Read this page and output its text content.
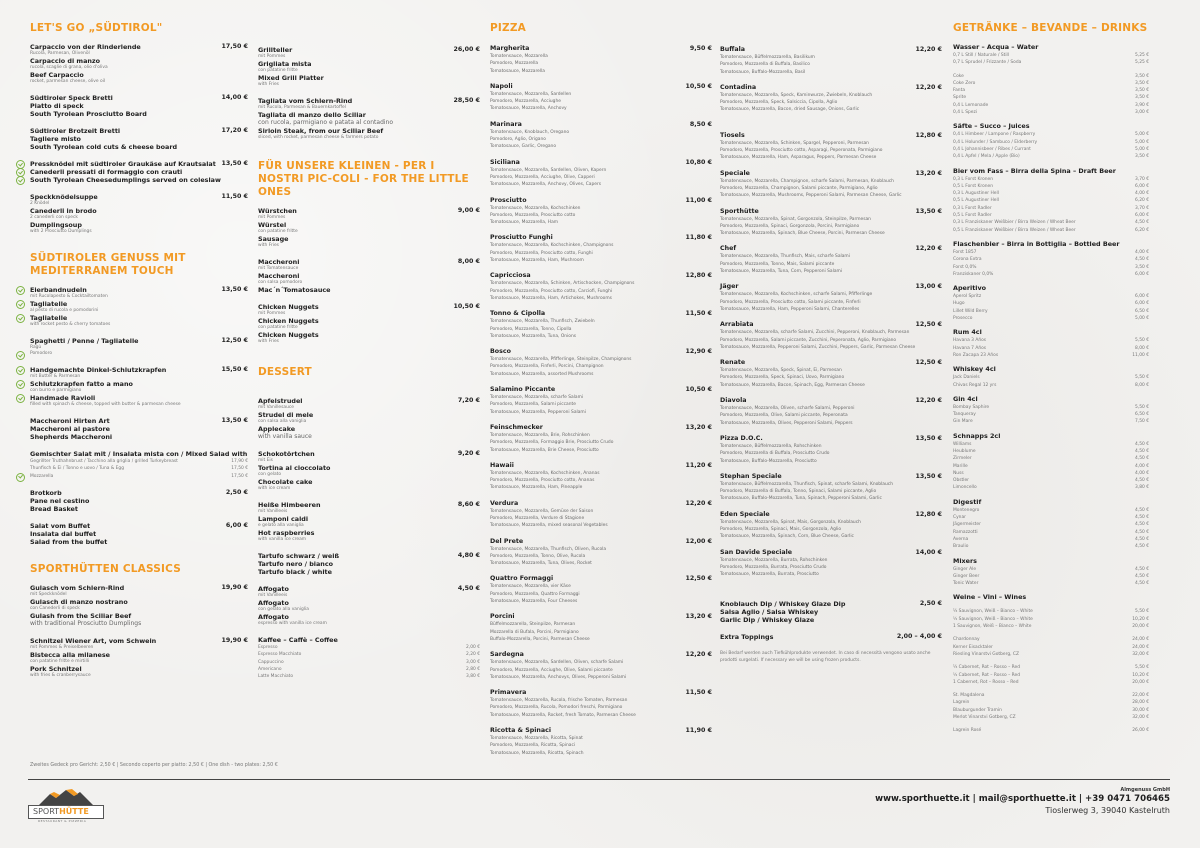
LET'S GO „SÜDTIROL"
17,50 €
Carpaccio von der Rinderlende
Rucola, Parmesan, Olivenöl
Carpaccio di manzo
rucola, scaglie di grana, olio d'oliva
Beef Carpaccio
rocket, parmesan cheese, olive oil
14,00 €
Südtiroler Speck Bretti
Piatto di speck
South Tyrolean Prosciutto Board
17,20 €
Südtiroler Brotzeit Bretti
Tagliere misto
South Tyrolean cold cuts & cheese board
13,50 €
Pressknödel mit südtiroler Graukäse auf Krautsalat
Canederli pressati di formaggio con crauti
South Tyrolean Cheesedumplings served on coleslaw
11,50 €
Speckknödelsuppe
2 Knödel
Canederli in brodo
2 canederli con speck
Dumplingsoup
with 2 Prosciutto Dumplings
SÜDTIROLER GENUSS MIT MEDITERRANEM TOUCH
13,50 €
Eierbandnudeln
mit Rucolapesto & Cocktailtomaten
Tagliatelle
al pesto di rucola e pomodorini
Tagliatelle
with rocket pesto & cherry tomatoes
12,50 €
Spaghetti / Penne / Tagliatelle
Ragù
Pomodoro
15,50 €
Handgemachte Dinkel-Schlutzkrapfen
mit Butter & Parmesan
Schlutzkrapfen fatto a mano
con burro e parmigiano
Handmade Ravioli
filled with spinach & cheese, topped with butter & parmesan cheese
13,50 €
Maccheroni Hirten Art
Maccheroni al pastore
Shepherds Maccheroni
Gemischter Salat mit / Insalata mista con / Mixed Salad with
Gegrillter Truthahnbrust / Tacchino alla griglia / grilled Turkeybreast	17,90 €
Thunfisch & Ei / Tonno e uovo / Tuna & Egg	17,50 €
Mozzarella	17,50 €
2,50 €
Brotkorb
Pane nel cestino
Bread Basket
6,00 €
Salat vom Buffet
Insalata dal buffet
Salad from the buffet
SPORTHÜTTEN CLASSICS
19,90 €
Gulasch vom Schlern-Rind
mit Speckknödel
Gulasch di manzo nostrano
con Canederli di speck
Gulash from the Sciliar Beef
with traditional Prosciutto Dumplings
19,90 €
Schnitzel Wiener Art, vom Schwein
mit Pommes & Preiselbeeren
Bistecca alla milanese
con patatine fritte e mirtilli
Pork Schnitzel
with fries & cranberrysauce
26,00 €
Grillteller
mit Pommes
Grigliata mista
con patatine fritte
Mixed Grill Platter
with Fries
28,50 €
Tagliata vom Schlern-Rind
mit Rucola, Parmesan & Bauernkartoffel
Tagliata di manzo dello Sciliar
con rucola, parmigiano e patata al contadino
Sirloin Steak, from our Sciliar Beef
sliced, with rocket, parmesan cheese & farmers potato
FÜR UNSERE KLEINEN - PER I NOSTRI PIC-COLI - FOR THE LITTLE ONES
9,00 €
Würstchen
mit Pommes
Würstel
con patatine fritte
Sausage
with Fries
8,00 €
Maccheroni
mit Tomatensauce
Maccheroni
con salsa pomodoro
Mac´n´Tomatosauce
10,50 €
Chicken Nuggets
mit Pommes
Chicken Nuggets
con patatine fritte
Chicken Nuggets
with Fries
DESSERT
7,20 €
Apfelstrudel
mit Vanillesauce
Strudel di mele
con salsa alla vaniglia
Applecake
with vanilla sauce
9,20 €
Schokotörtchen
mit Eis
Tortina al cioccolato
con gelato
Chocolate cake
with ice cream
8,60 €
Heiße Himbeeren
mit Vanilleeis
Lamponi caldi
e gelato alla vaniglia
Hot raspberries
with vanilla ice cream
4,80 €
Tartufo schwarz / weiß
Tartufo nero / bianco
Tartufo black / white
4,50 €
Affogato
mit Vanilleeis
Affogato
con gelato alla vaniglia
Affogato
espresso with vanilla ice cream
Kaffee – Caffè – Coffee
Espresso	2,00 €
Espresso Macchiato	2,20 €
Cappuccino	3,00 €
Americano	2,80 €
Latte Macchiato	3,80 €
PIZZA
9,50 €
Margherita
Tomatensauce, Mozzarella
Pomodoro, Mozzarella
Tomatosauce, Mozzarella
10,50 €
Napoli
Tomatensauce, Mozzarella, Sardellen
Pomodoro, Mozzarella, Acciughe
Tomatosauce, Mozzarella, Anchovy
8,50 €
Marinara
Tomatensauce, Knoblauch, Oregano
Pomodoro, Aglio, Origano
Tomatosauce, Garlic, Oregano
10,80 €
Siciliana
Tomatensauce, Mozzarella, Sardellen, Oliven, Kapern
Pomodoro, Mozzarella, Acciughe, Olive, Capperi
Tomatosauce, Mozzarella, Anchovy, Olives, Capers
11,00 €
Prosciutto
Tomatensauce, Mozzarella, Kochschinken
Pomodoro, Mozzarella, Prosciutto cotto
Tomatosauce, Mozzarella, Ham
11,80 €
Prosciutto Funghi
Tomatensauce, Mozzarella, Kochschinken, Champignons
Pomodoro, Mozzarella, Prosciutto cotto, Funghi
Tomatosauce, Mozzarella, Ham, Mushroom
12,80 €
Capricciosa
Tomatensauce, Mozzarella, Schinken, Artischocken, Champignons
Pomodoro, Mozzarella, Prosciutto cotto, Carciofi, Funghi
Tomatosauce, Mozzarella, Ham, Artichokes, Mushrooms
11,50 €
Tonno & Cipolla
Tomatensauce, Mozzarella, Thunfisch, Zwiebeln
Pomodoro, Mozzarella, Tonno, Cipolla
Tomatosauce, Mozzarella, Tuna, Onions
12,90 €
Bosco
Tomatensauce, Mozzarella, Pfifferlinge, Steinpilze, Champignons
Pomodoro, Mozzarella, Finferli, Porcini, Champignon
Tomatosauce, Mozzarella, assorted Mushrooms
10,50 €
Salamino Piccante
Tomatensauce, Mozzarella, scharfe Salami
Pomodoro, Mozzarella, Salami piccante
Tomatosauce, Mozzarella, Pepperoni Salami
13,20 €
Feinschmecker
Tomatensauce, Mozzarella, Brie, Rohschinken
Pomodoro, Mozzarella, Formaggio Brie, Prosciutto Crudo
Tomatosauce, Mozzarella, Brie Cheese, Prosciutto
11,20 €
Hawaii
Tomatensauce, Mozzarella, Kochschinken, Ananas
Pomodoro, Mozzarella, Prosciutto cotto, Ananas
Tomatosauce, Mozzarella, Ham, Pineapple
12,20 €
Verdura
Tomatensauce, Mozzarella, Gemüse der Saison
Pomodoro, Mozzarella, Verdure di Stagione
Tomatosauce, Mozzarella, mixed seasonal Vegetables
12,00 €
Del Prete
Tomatensauce, Mozzarella, Thunfisch, Oliven, Rucola
Pomodoro, Mozzarella, Tonno, Olive, Rucola
Tomatosauce, Mozzarella, Tuna, Olives, Rocket
12,50 €
Quattro Formaggi
Tomatensauce, Mozzarella, vier Käse
Pomodoro, Mozzarella, Quattro Formaggi
Tomatosauce, Mozzarella, Four Cheeses
13,20 €
Porcini
Büffelmozzarella, Steinpilze, Parmesan
Mozzarella di Bufala, Porcini, Parmigiano
Buffalo-Mozzarella, Porcini, Parmesan Cheese
12,20 €
Sardegna
Tomatensauce, Mozzarella, Sardellen, Oliven, scharfe Salami
Pomodoro, Mozzarella, Acciughe, Olive, Salami piccante
Tomatosauce, Mozzarella, Anchovys, Olives, Pepperoni Salami
11,50 €
Primavera
Tomatensauce, Mozzarella, Rucola, frische Tomaten, Parmesan
Pomodoro, Mozzarella, Rucola, Pomodori freschi, Parmigiano
Tomatosauce, Mozzarella, Rocket, fresh Tomato, Parmesan Cheese
11,90 €
Ricotta & Spinaci
Tomatensauce, Mozzarella, Ricotta, Spinat
Pomodoro, Mozzarella, Ricotta, Spinaci
Tomatosauce, Mozzarella, Ricotta, Spinach
12,20 €
Buffala
Tomatensauce, Büffelmozzarella, Basilikum
Pomodoro, Mozzarella di Buffala, Basilico
Tomatosauce, Buffalo-Mozzarella, Basil
12,20 €
Contadina
Tomatensauce, Mozzarella, Speck, Kaminwurze, Zwiebeln, Knoblauch
Pomodoro, Mozzarella, Speck, Salsiccia, Cipolla, Aglio
Tomatosauce, Mozzarella, Bacon, dried Sausage, Onions, Garlic
12,80 €
Tiosels
Tomatensauce, Mozzarella, Schinken, Spargel, Pepperoni, Parmesan
Pomodoro, Mozzarella, Prosciutto cotto, Asparagi, Peperonata, Parmigiano
Tomatosauce, Mozzarella, Ham, Asparagus, Peppers, Parmesan Cheese
13,20 €
Speciale
Tomatensauce, Mozzarella, Champignon, scharfe Salami, Parmesan, Knoblauch
Pomodoro, Mozzarella, Champignon, Salami piccante, Parmigiano, Aglio
Tomatosauce, Mozzarella, Mushrooms, Pepperoni Salami, Parmesan Cheese, Garlic
13,50 €
Sporthütte
Tomatensauce, Mozzarella, Spinat, Gorgonzola, Steinpilze, Parmesan
Pomodoro, Mozzarella, Spinaci, Gorgonzola, Porcini, Parmigiano
Tomatosauce, Mozzarella, Spinach, Blue Cheese, Porcini, Parmesan Cheese
12,20 €
Chef
Tomatensauce, Mozzarella, Thunfisch, Mais, scharfe Salami
Pomodoro, Mozzarella, Tonno, Mais, Salami piccante
Tomatosauce, Mozzarella, Tuna, Corn, Pepperoni Salami
13,00 €
Jäger
Tomatensauce, Mozzarella, Kochschinken, scharfe Salami, Pfifferlinge
Pomodoro, Mozzarella, Prosciutto cotto, Salami piccante, Finferli
Tomatosauce, Mozzarella, Ham, Pepperoni Salami, Chanterelles
12,50 €
Arrabiata
Tomatensauce, Mozzarella, scharfe Salami, Zucchini, Pepperoni, Knoblauch, Parmesan
Pomodoro, Mozzarella, Salami piccante, Zucchini, Peperonata, Aglio, Parmigiano
Tomatosauce, Mozzarella, Pepperoni Salami, Zucchini, Peppers, Garlic, Parmesan Cheese
12,50 €
Renate
Tomatensauce, Mozzarella, Speck, Spinat, Ei, Parmesan
Pomodoro, Mozzarella, Speck, Spinaci, Uovo, Parmigiano
Tomatosauce, Mozzarella, Bacon, Spinach, Egg, Parmesan Cheese
12,20 €
Diavola
Tomatensauce, Mozzarella, Oliven, scharfe Salami, Pepperoni
Pomodoro, Mozzarella, Olive, Salami piccante, Peperonata
Tomatosauce, Mozzarella, Olives, Pepperoni Salami, Peppers
13,50 €
Pizza D.O.C.
Tomatensauce, Büffelmozzarella, Rohschinken
Pomodoro, Mozzarella di Buffala, Prosciutto Crudo
Tomatosauce, Buffalo-Mozzarella, Prosciutto
13,50 €
Stephan Speciale
Tomatensauce, Büffelmozzarella, Thunfisch, Spinat, scharfe Salami, Knoblauch
Pomodoro, Mozzarella di Buffala, Tonno, Spinaci, Salami piccante, Aglio
Tomatosauce, Buffalo-Mozzarella, Tuna, Spinach, Pepperoni Salami, Garlic
12,80 €
Eden Speciale
Tomatensauce, Mozzarella, Spinat, Mais, Gorgonzola, Knoblauch
Pomodoro, Mozzarella, Spinaci, Mais, Gorgonzola, Aglio
Tomatosauce, Mozzarella, Spinach, Corn, Blue Cheese, Garlic
14,00 €
San Davide Speciale
Tomatensauce, Mozzarella, Burrata, Rohschinken
Pomodoro, Mozzarella, Burrata, Prosciutto Crudo
Tomatosauce, Mozzarella, Burrata, Prosciutto
2,50 €
Knoblauch Dip / Whiskey Glaze Dip
Salsa Aglio / Salsa Whiskey
Garlic Dip / Whiskey Glaze
2,00 – 4,00 €
Extra Toppings
Bei Bedarf werden auch Tiefkühlprodukte verwendet. In caso di necessità vengono usato anche prodotti surgelati. If necessary we will be using frozen products.
GETRÄNKE – BEVANDE – DRINKS
Wasser – Acqua – Water
0,7 L Still / Naturale / Still	5,25 €
0,7 L Sprudel / Frizzante / Soda	5,25 €
Coke	3,50 €
Coke Zero	3,50 €
Fanta	3,50 €
Sprite	3,50 €
0,4 L Lemonade	3,90 €
0,4 L Spezi	3,00 €
Säfte – Succo – Juices
0,4 L Himbeer / Lampone / Raspberry	5,00 €
0,4 L Holunder / Sambuco / Elderberry	5,00 €
0,4 L Johannisbeer / Ribes / Currant	5,00 €
0,4 L Apfel / Mela / Apple (Bio)	3,50 €
Bier vom Fass – Birra della Spina – Draft Beer
0,3 L Forst Kronen	3,70 €
0,5 L Forst Kronen	6,00 €
0,3 L Augustiner Hell	4,00 €
0,5 L Augustiner Hell	6,20 €
0,3 L Forst Radler	3,70 €
0,5 L Forst Radler	6,00 €
0,3 L Franziskaner Weißbier / Birra Weizen / Wheat Beer	4,50 €
0,5 L Franziskaner Weißbier / Birra Weizen / Wheat Beer	6,20 €
Flaschenbier – Birra in Bottiglia – Bottled Beer
Forst 1857	4,00 €
Corona Extra	4,50 €
Forst 0,0%	3,50 €
Franziskaner 0,0%	6,00 €
Aperitivo
Aperol Spritz	6,00 €
Hugo	6,00 €
Lillet Wild Berry	6,50 €
Prosecco	5,00 €
Rum 4cl
Havana 3 Años	5,50 €
Havana 7 Años	8,00 €
Ron Zacapa 23 Años	11,00 €
Whiskey 4cl
Jack Daniels	5,50 €
Chivas Regal 12 yrs	8,00 €
Gin 4cl
Bombay Saphire	5,50 €
Tanqueray	6,50 €
Gin Mare	7,50 €
Schnapps 2cl
Williams	4,50 €
Heublume	4,50 €
Zirmeler	4,50 €
Marille	4,00 €
Nuss	4,00 €
Obstler	4,50 €
Limoncello	3,80 €
Digestif
Montenegro	4,50 €
Cynar	4,50 €
Jägermeister	4,50 €
Ramazzotti	4,50 €
Averna	4,50 €
Braulio	4,50 €
Mixers
Ginger Ale	4,50 €
Ginger Beer	4,50 €
Tonic Water	4,50 €
Weine – Vini – Wines
¼ Sauvignon, Weiß – Bianco – White	5,50 €
½ Sauvignon, Weiß – Bianco – White	10,20 €
1 Sauvignon, Weiß – Bianco – White	20,00 €
Chardonnay	24,00 €
Kerner Eisacktaler	24,00 €
Riesling Vinarstvi Gotberg, CZ	32,00 €
¼ Cabernet, Rot – Rosso – Red	5,50 €
½ Cabernet, Rot – Rosso – Red	10,20 €
1 Cabernet, Rot – Rosso – Red	20,00 €
St. Magdalena	22,00 €
Lagrein	28,00 €
Blauburgunder Tramin	30,00 €
Merlot Vinarstvi Gotberg, CZ	32,00 €
Lagrein Rosé	26,00 €
Zweites Gedeck pro Gericht: 2,50 € | Secondo coperto per piatto: 2,50 € | One dish - two plates: 2,50 €
SPORTHÜTTE
RESTAURANT & PIZZERIA
Almgenuss GmbH
www.sporthuette.it | mail@sporthuette.it | +39 0471 706465
Tioslerweg 3, 39040 Kastelruth
